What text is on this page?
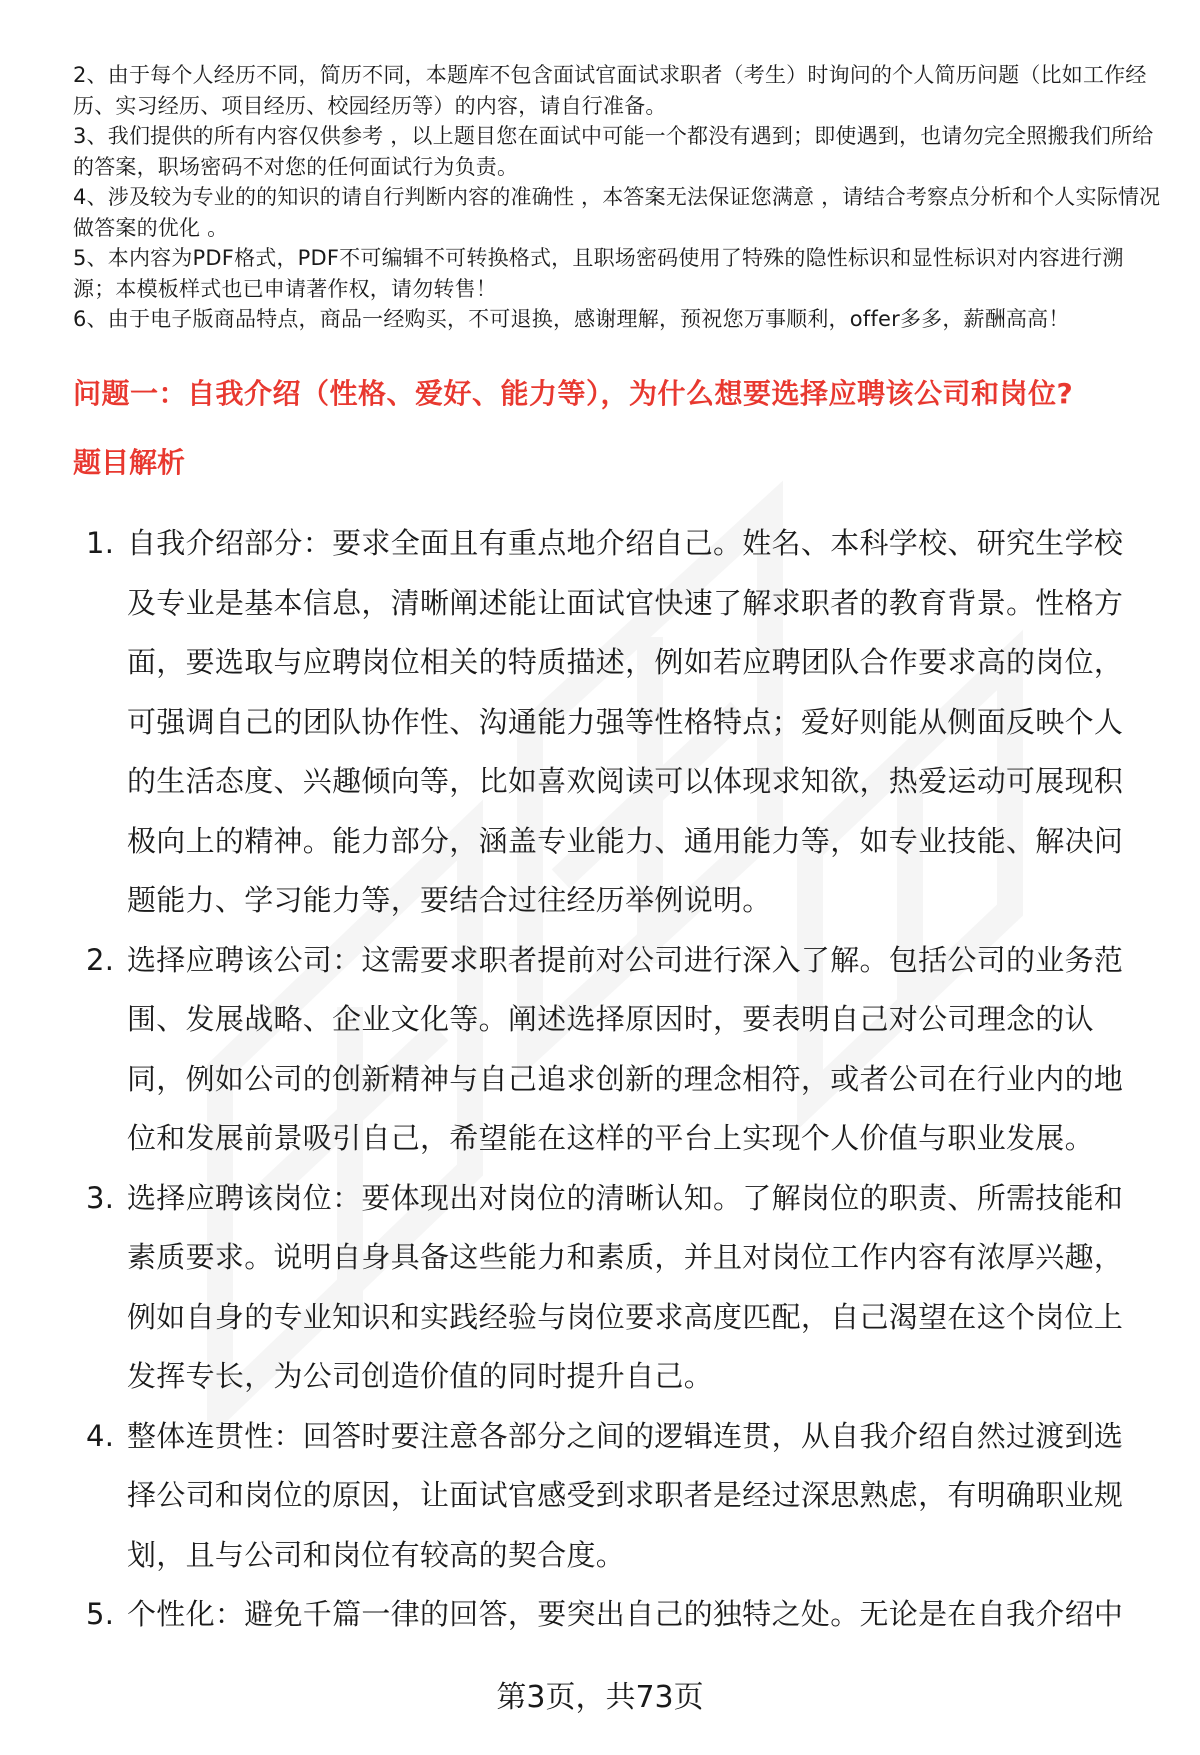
2、由于每个人经历不同，简历不同，本题库不包含面试官面试求职者（考生）时询问的个人简历问题（比如工作经历、实习经历、项目经历、校园经历等）的内容，请自行准备。

3、我们提供的所有内容仅供参考 ，以上题目您在面试中可能一个都没有遇到；即使遇到，也请勿完全照搬我们所给的答案，职场密码不对您的任何面试行为负责。

4、涉及较为专业的的知识的请自行判断内容的准确性 ，本答案无法保证您满意 ，请结合考察点分析和个人实际情况做答案的优化 。

5、本内容为PDF格式，PDF不可编辑不可转换格式，且职场密码使用了特殊的隐性标识和显性标识对内容进行溯源；本模板样式也已申请著作权，请勿转售！

6、由于电子版商品特点，商品一经购买，不可退换，感谢理解，预祝您万事顺利，offer多多，薪酬高高！

问题一：自我介绍（性格、爱好、能力等），为什么想要选择应聘该公司和岗位?
题目解析
1. 自我介绍部分：要求全面且有重点地介绍自己。姓名、本科学校、研究生学校及专业是基本信息，清晰阐述能让面试官快速了解求职者的教育背景。性格方面，要选取与应聘岗位相关的特质描述，例如若应聘团队合作要求高的岗位，可强调自己的团队协作性、沟通能力强等性格特点；爱好则能从侧面反映个人的生活态度、兴趣倾向等，比如喜欢阅读可以体现求知欲，热爱运动可展现积极向上的精神。能力部分，涵盖专业能力、通用能力等，如专业技能、解决问题能力、学习能力等，要结合过往经历举例说明。
2. 选择应聘该公司：这需要求职者提前对公司进行深入了解。包括公司的业务范围、发展战略、企业文化等。阐述选择原因时，要表明自己对公司理念的认同，例如公司的创新精神与自己追求创新的理念相符，或者公司在行业内的地位和发展前景吸引自己，希望能在这样的平台上实现个人价值与职业发展。
3. 选择应聘该岗位：要体现出对岗位的清晰认知。了解岗位的职责、所需技能和素质要求。说明自身具备这些能力和素质，并且对岗位工作内容有浓厚兴趣，例如自身的专业知识和实践经验与岗位要求高度匹配，自己渴望在这个岗位上发挥专长，为公司创造价值的同时提升自己。
4. 整体连贯性：回答时要注意各部分之间的逻辑连贯，从自我介绍自然过渡到选择公司和岗位的原因，让面试官感受到求职者是经过深思熟虑，有明确职业规划，且与公司和岗位有较高的契合度。
5. 个性化：避免千篇一律的回答，要突出自己的独特之处。无论是在自我介绍中

第3页，共73页
